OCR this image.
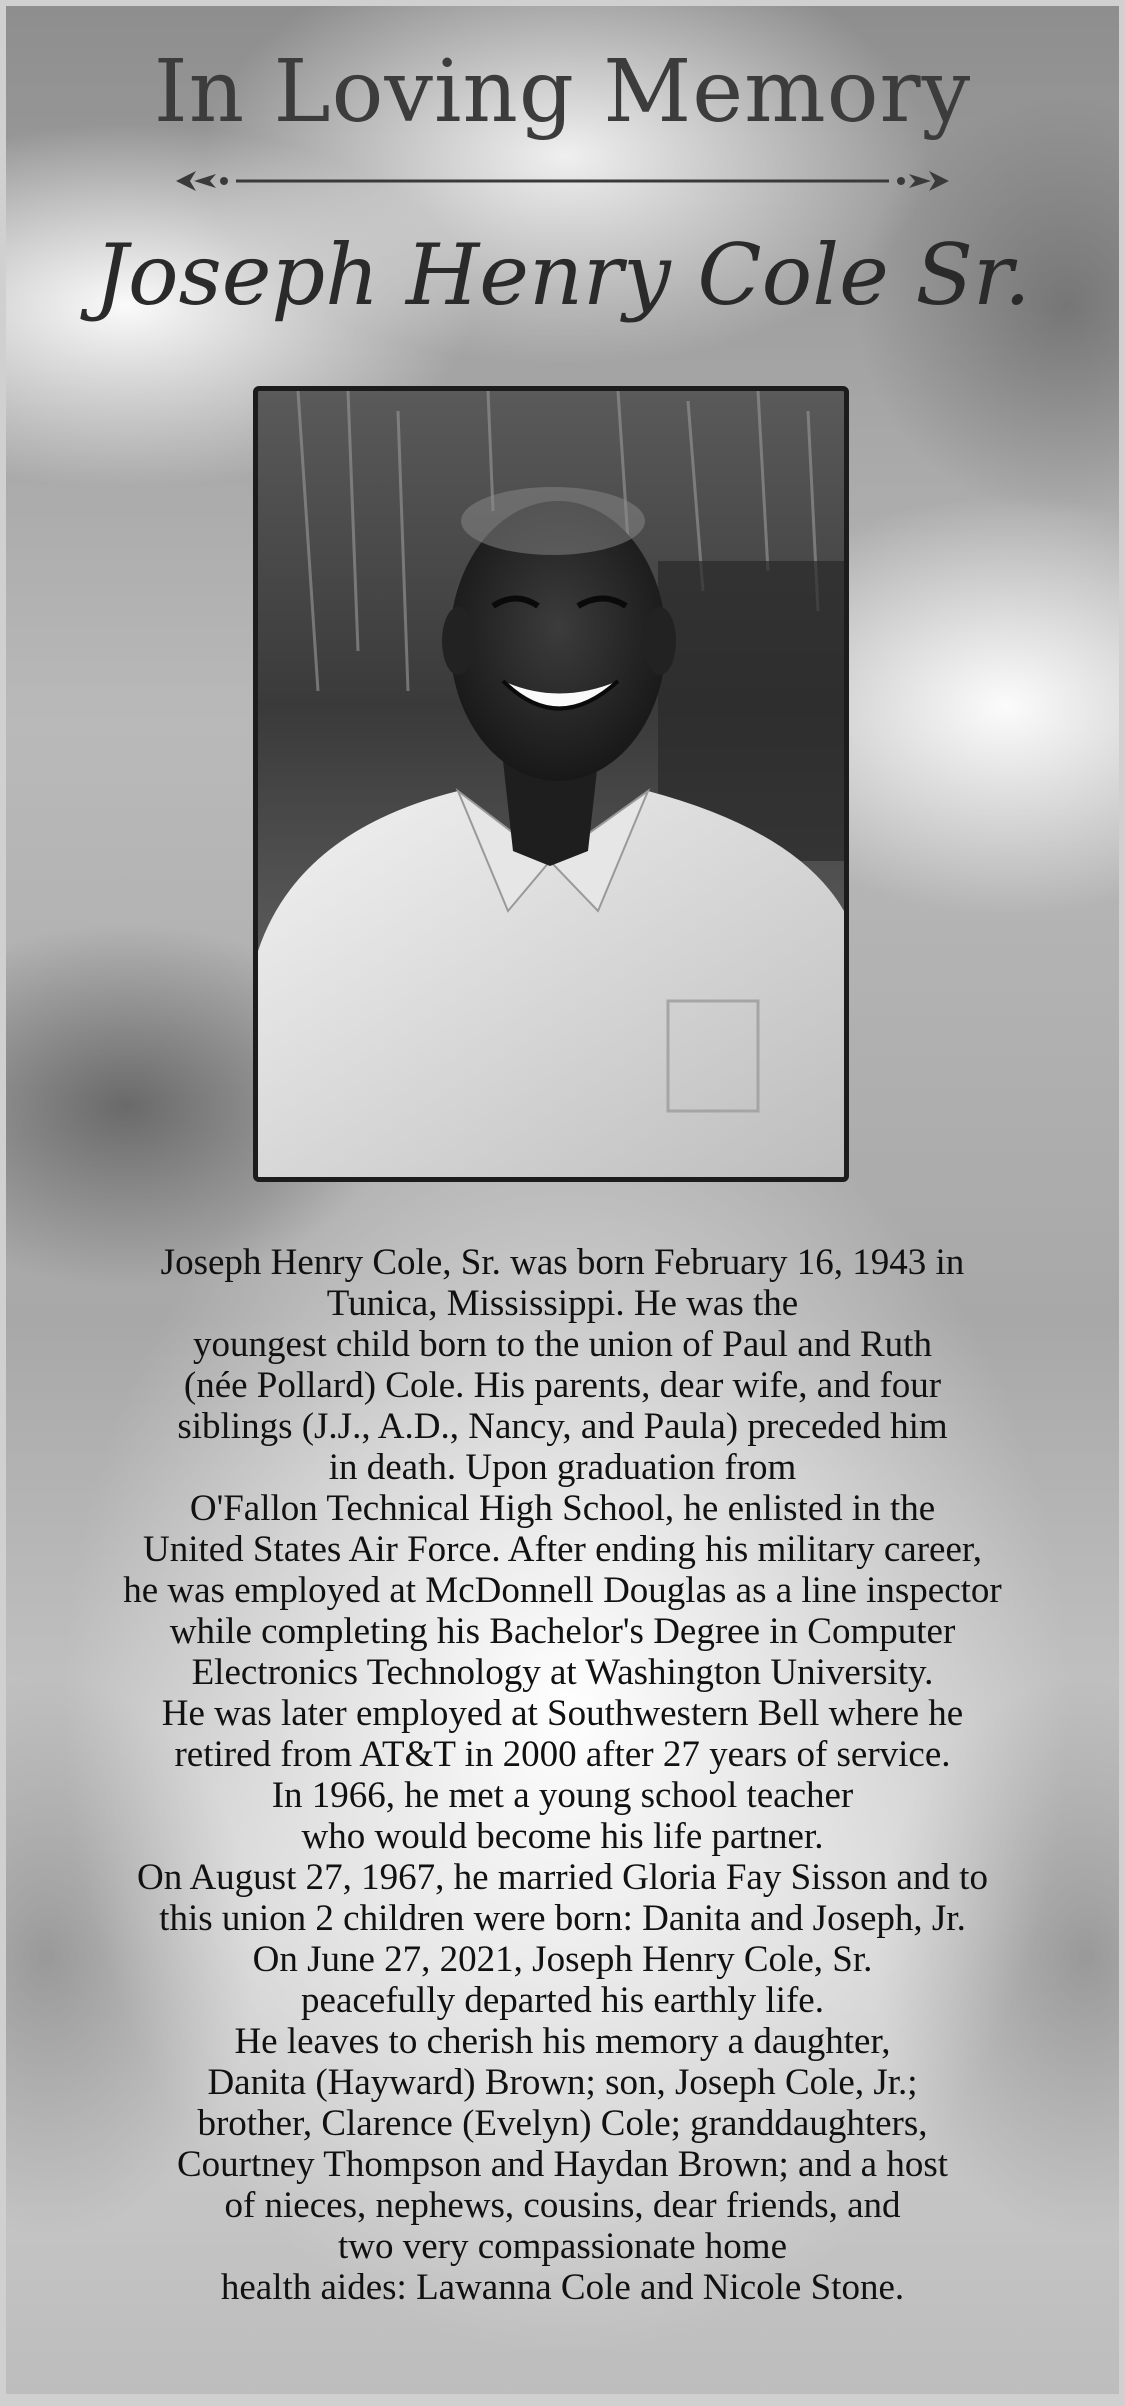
In Loving Memory
Joseph Henry Cole Sr.

Joseph Henry Cole, Sr. was born February 16, 1943 in

Tunica, Mississippi. He was the

youngest child born to the union of Paul and Ruth

(née Pollard) Cole. His parents, dear wife, and four

siblings (J.J., A.D., Nancy, and Paula) preceded him

in death. Upon graduation from

O'Fallon Technical High School, he enlisted in the

United States Air Force. After ending his military career,

he was employed at McDonnell Douglas as a line inspector

while completing his Bachelor's Degree in Computer

Electronics Technology at Washington University.

He was later employed at Southwestern Bell where he

retired from AT&T in 2000 after 27 years of service.

In 1966, he met a young school teacher

who would become his life partner.

On August 27, 1967, he married Gloria Fay Sisson and to

this union 2 children were born: Danita and Joseph, Jr.

On June 27, 2021, Joseph Henry Cole, Sr.

peacefully departed his earthly life.

He leaves to cherish his memory a daughter,

Danita (Hayward) Brown; son, Joseph Cole, Jr.;

brother, Clarence (Evelyn) Cole; granddaughters,

Courtney Thompson and Haydan Brown; and a host

of nieces, nephews, cousins, dear friends, and

two very compassionate home

health aides: Lawanna Cole and Nicole Stone.
